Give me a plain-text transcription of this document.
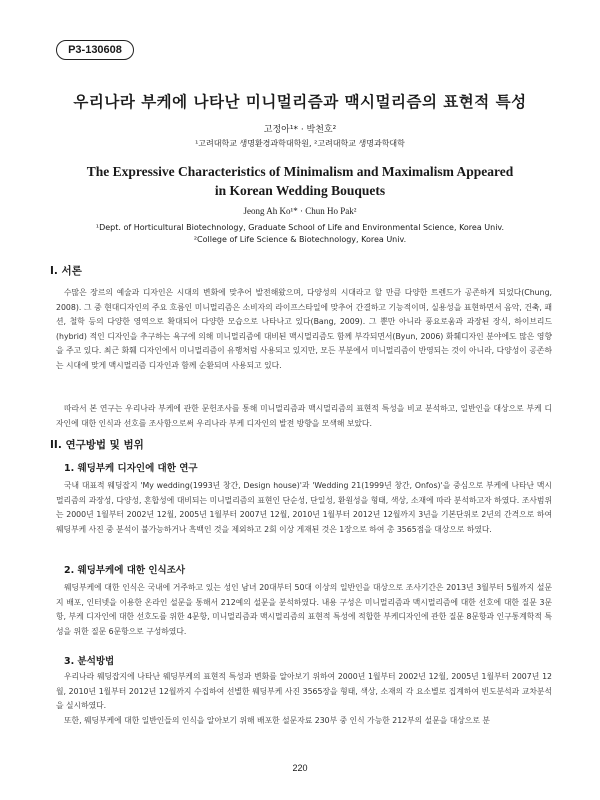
P3-130608
우리나라 부케에 나타난 미니멀리즘과 맥시멀리즘의 표현적 특성
고정아¹* · 박천호²
¹고려대학교 생명환경과학대학원, ²고려대학교 생명과학대학
The Expressive Characteristics of Minimalism and Maximalism Appeared in Korean Wedding Bouquets
Jeong Ah Ko¹* · Chun Ho Pak²
¹Dept. of Horticultural Biotechnology, Graduate School of Life and Environmental Science, Korea Univ.
²College of Life Science & Biotechnology, Korea Univ.
I. 서론

수많은 장르의 예술과 디자인은 시대의 변화에 맞추어 발전해왔으며, 다양성의 시대라고 할 만큼 다양한 트렌드가 공존하게 되었다(Chung, 2008). 그 중 현대디자인의 주요 흐름인 미니멀리즘은 소비자의 라이프스타일에 맞추어 간결하고 기능적이며, 실용성을 표현하면서 음악, 건축, 패션, 철학 등의 다양한 영역으로 확대되어 다양한 모습으로 나타나고 있다(Bang, 2009). 그 뿐만 아니라 풍요로움과 과장된 장식, 하이브리드(hybrid) 적인 디자인을 추구하는 욕구에 의해 미니멀리즘에 대비된 맥시멀리즘도 함께 부각되면서(Byun, 2006) 화훼디자인 분야에도 많은 영향을 주고 있다. 최근 화훼 디자인에서 미니멀리즘이 유행처럼 사용되고 있지만, 모든 부분에서 미니멀리즘이 반영되는 것이 아니라, 다양성이 공존하는 시대에 맞게 맥시멀리즘 디자인과 함께 순환되며 사용되고 있다.

따라서 본 연구는 우리나라 부케에 관한 문헌조사를 통해 미니멀리즘과 맥시멀리즘의 표현적 특성을 비교 분석하고, 일반인을 대상으로 부케 디자인에 대한 인식과 선호를 조사함으로써 우리나라 부케 디자인의 발전 방향을 모색해 보았다.

II. 연구방법 및 범위
1. 웨딩부케 디자인에 대한 연구

국내 대표적 웨딩잡지 'My wedding(1993년 창간, Design house)'과 'Wedding 21(1999년 창간, Onfos)'을 중심으로 부케에 나타난 맥시멀리즘의 과장성, 다양성, 혼합성에 대비되는 미니멀리즘의 표현인 단순성, 단일성, 환원성을 형태, 색상, 소재에 따라 분석하고자 하였다. 조사범위는 2000년 1월부터 2002년 12월, 2005년 1월부터 2007년 12월, 2010년 1월부터 2012년 12월까지 3년을 기본단위로 2년의 간격으로 하여 웨딩부케 사진 중 분석이 불가능하거나 흑백인 것을 제외하고 2회 이상 게재된 것은 1장으로 하여 총 3565점을 대상으로 하였다.

2. 웨딩부케에 대한 인식조사

웨딩부케에 대한 인식은 국내에 거주하고 있는 성인 남녀 20대부터 50대 이상의 일반인을 대상으로 조사기간은 2013년 3월부터 5월까지 설문지 배포, 인터넷을 이용한 온라인 설문을 통해서 212예의 설문을 분석하였다. 내용 구성은 미니멀리즘과 맥시멀리즘에 대한 선호에 대한 질문 3문항, 부케 디자인에 대한 선호도를 위한 4문항, 미니멀리즘과 맥시멀리즘의 표현적 특성에 적합한 부케디자인에 관한 질문 8문항과 인구통계학적 특성을 위한 질문 6문항으로 구성하였다.

3. 분석방법

우리나라 웨딩잡지에 나타난 웨딩부케의 표현적 특성과 변화를 알아보기 위하여 2000년 1월부터 2002년 12월, 2005년 1월부터 2007년 12월, 2010년 1월부터 2012년 12월까지 수집하여 선별한 웨딩부케 사진 3565장을 형태, 색상, 소재의 각 요소별로 집계하여 빈도분석과 교차분석을 실시하였다.

또한, 웨딩부케에 대한 일반인들의 인식을 알아보기 위해 배포한 설문자료 230부 중 인식 가능한 212부의 설문을 대상으로 분

220
